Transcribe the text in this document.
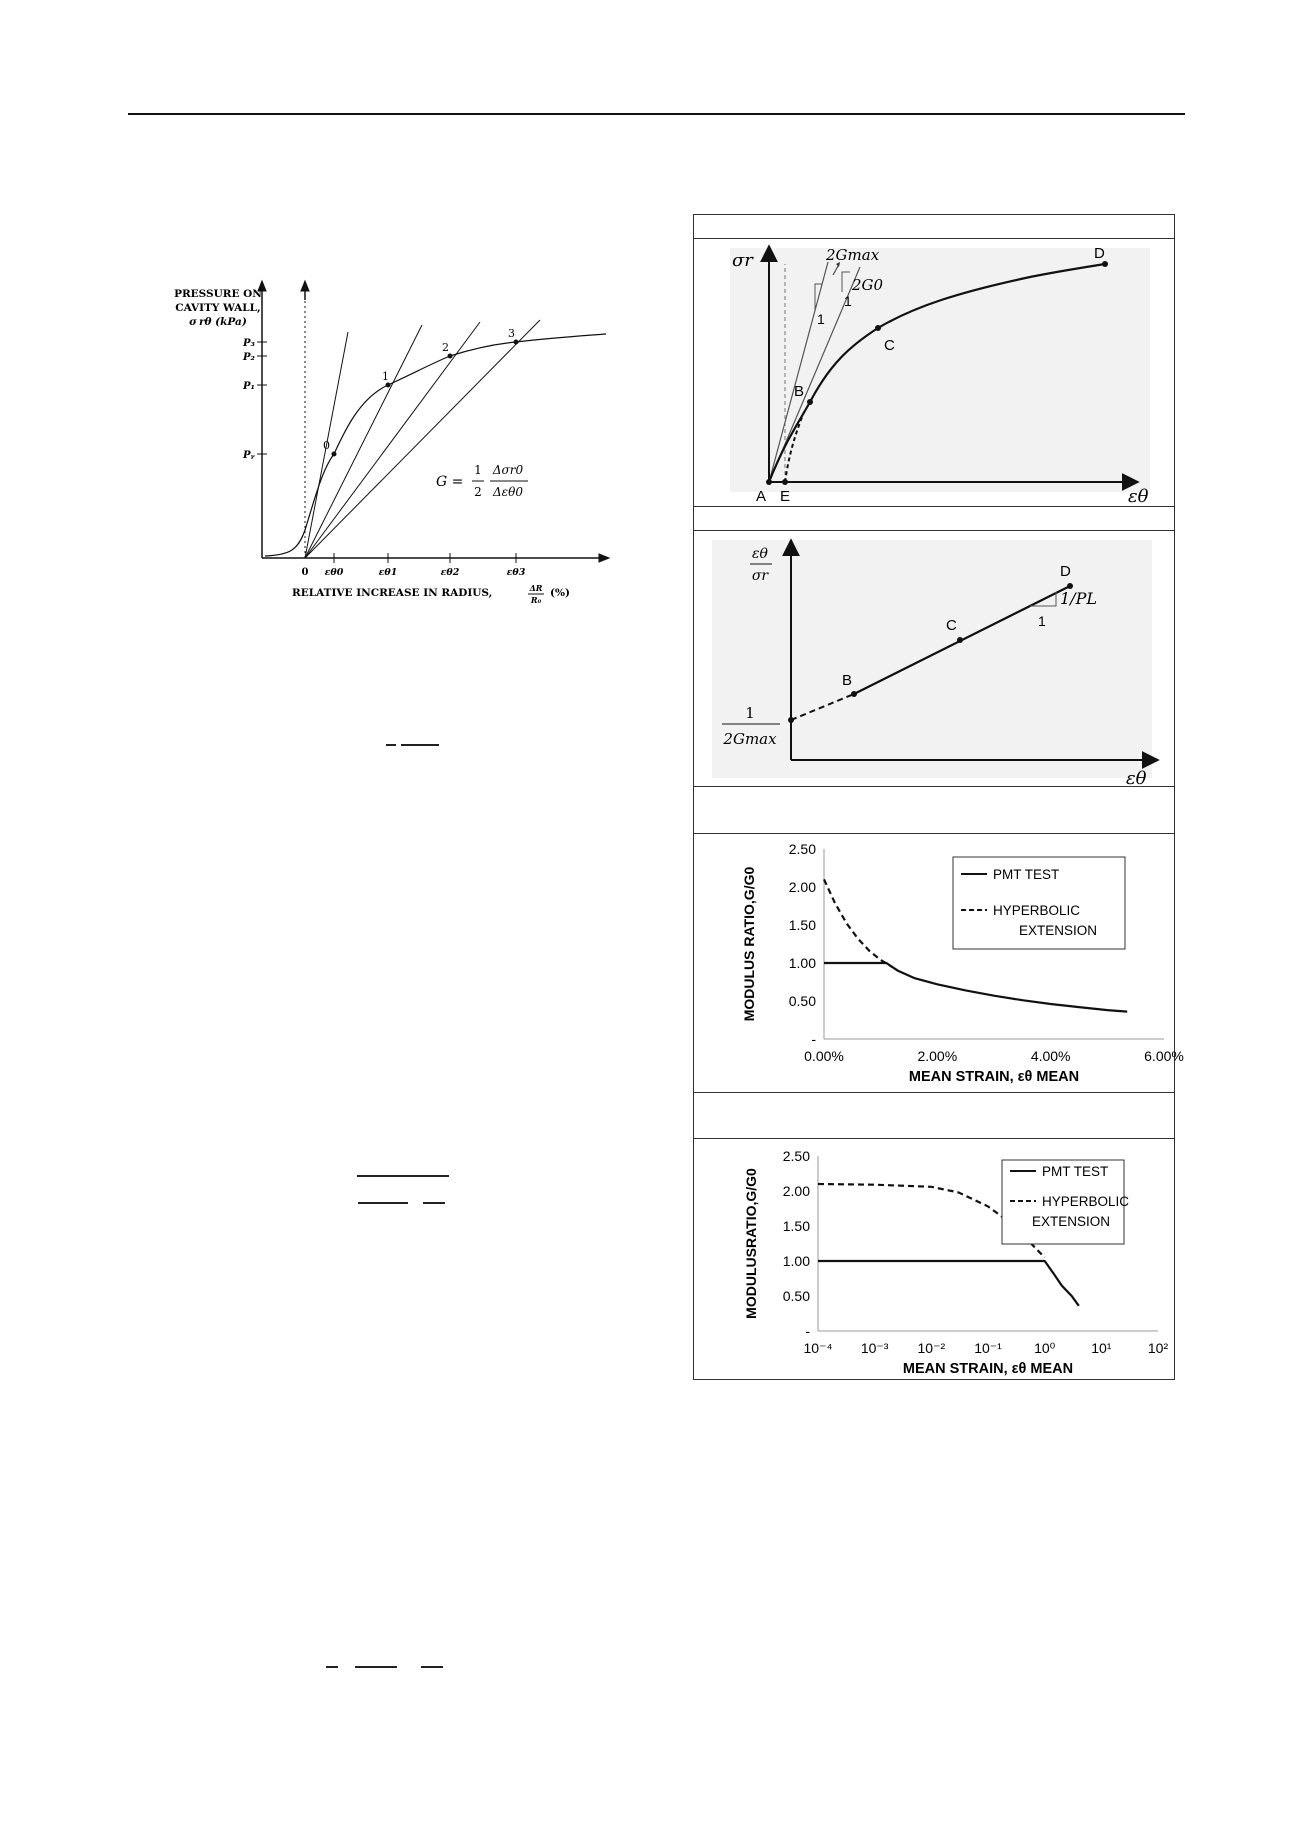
0
1
2
3
PRESSURE ON
CAVITY WALL,
σ rθ (kPa)
P₃
P₂
P₁
Pᵧ
0 εθ0	εθ1	εθ2	εθ3
RELATIVE INCREASE IN RADIUS,	ΔR
R₀
(%)
G =
1
2
Δσr0
Δεθ0
σr
εθ
A E
B
C
D
2Gmax
2G0
1
1
εθ
σr
1
2Gmax
εθ
B
C
D
1/PL
1
2.50
2.00
1.50
1.00
0.50
-
0.00%	2.00%	4.00%	6.00%
PMT TEST
HYPERBOLIC
EXTENSION
MEAN STRAIN, εθ MEAN
MODULUS RATIO,G/G0
2.50
2.00
1.50
1.00
0.50
-
10⁻⁴ 10⁻³ 10⁻² 10⁻¹ 10⁰	10¹	10²
PMT TEST
HYPERBOLIC
EXTENSION
MEAN STRAIN, εθ MEAN
MODULUSRATIO,G/G0
